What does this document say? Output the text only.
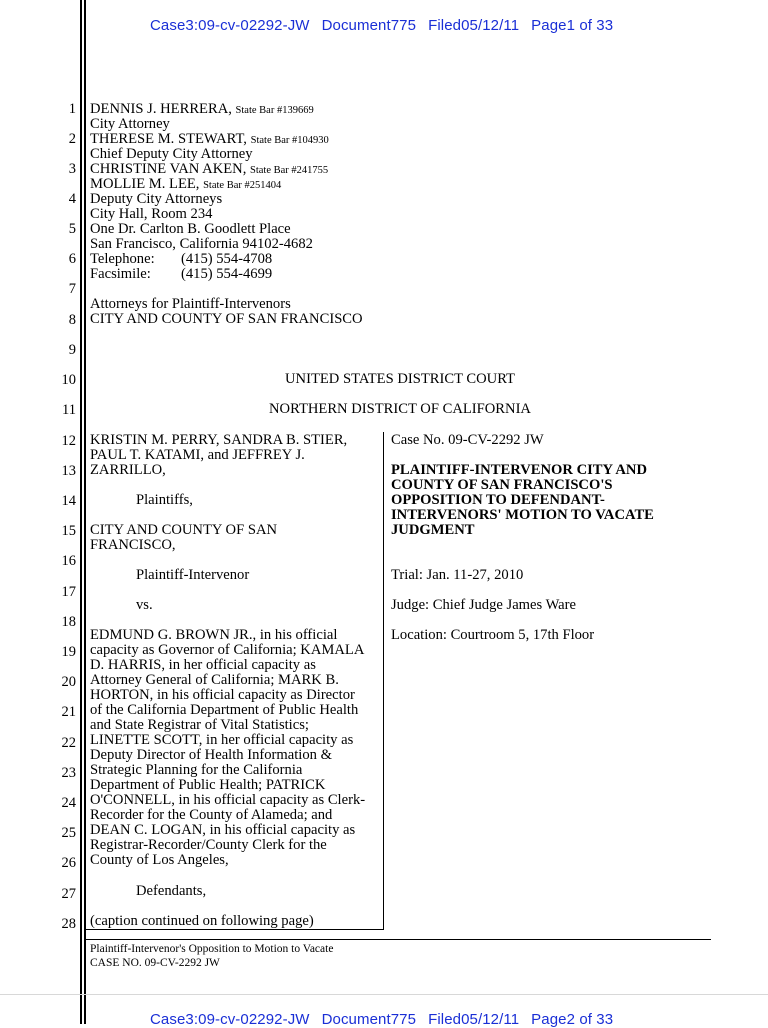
Case3:09-cv-02292-JW Document775 Filed05/12/11 Page1 of 33
1
2
3
4
5
6
7
8
9
10
11
12
13
14
15
16
17
18
19
20
21
22
23
24
25
26
27
28
DENNIS J. HERRERA, State Bar #139669
City Attorney
THERESE M. STEWART, State Bar #104930
Chief Deputy City Attorney
CHRISTINE VAN AKEN, State Bar #241755
MOLLIE M. LEE, State Bar #251404
Deputy City Attorneys
City Hall, Room 234
One Dr. Carlton B. Goodlett Place
San Francisco, California 94102-4682
Telephone: (415) 554-4708
Facsimile: (415) 554-4699
Attorneys for Plaintiff-Intervenors
CITY AND COUNTY OF SAN FRANCISCO
UNITED STATES DISTRICT COURT
NORTHERN DISTRICT OF CALIFORNIA
KRISTIN M. PERRY, SANDRA B. STIER,
PAUL T. KATAMI, and JEFFREY J.
ZARRILLO,
Plaintiffs,
CITY AND COUNTY OF SAN
FRANCISCO,
Plaintiff-Intervenor
vs.
EDMUND G. BROWN JR., in his official
capacity as Governor of California; KAMALA
D. HARRIS, in her official capacity as
Attorney General of California; MARK B.
HORTON, in his official capacity as Director
of the California Department of Public Health
and State Registrar of Vital Statistics;
LINETTE SCOTT, in her official capacity as
Deputy Director of Health Information &
Strategic Planning for the California
Department of Public Health; PATRICK
O'CONNELL, in his official capacity as Clerk-
Recorder for the County of Alameda; and
DEAN C. LOGAN, in his official capacity as
Registrar-Recorder/County Clerk for the
County of Los Angeles,
Defendants,
(caption continued on following page)
Case No. 09-CV-2292 JW
PLAINTIFF-INTERVENOR CITY AND
COUNTY OF SAN FRANCISCO'S
OPPOSITION TO DEFENDANT-
INTERVENORS' MOTION TO VACATE
JUDGMENT
Trial: Jan. 11-27, 2010
Judge: Chief Judge James Ware
Location: Courtroom 5, 17th Floor
Plaintiff-Intervenor's Opposition to Motion to Vacate
CASE NO. 09-CV-2292 JW
Case3:09-cv-02292-JW Document775 Filed05/12/11 Page2 of 33
